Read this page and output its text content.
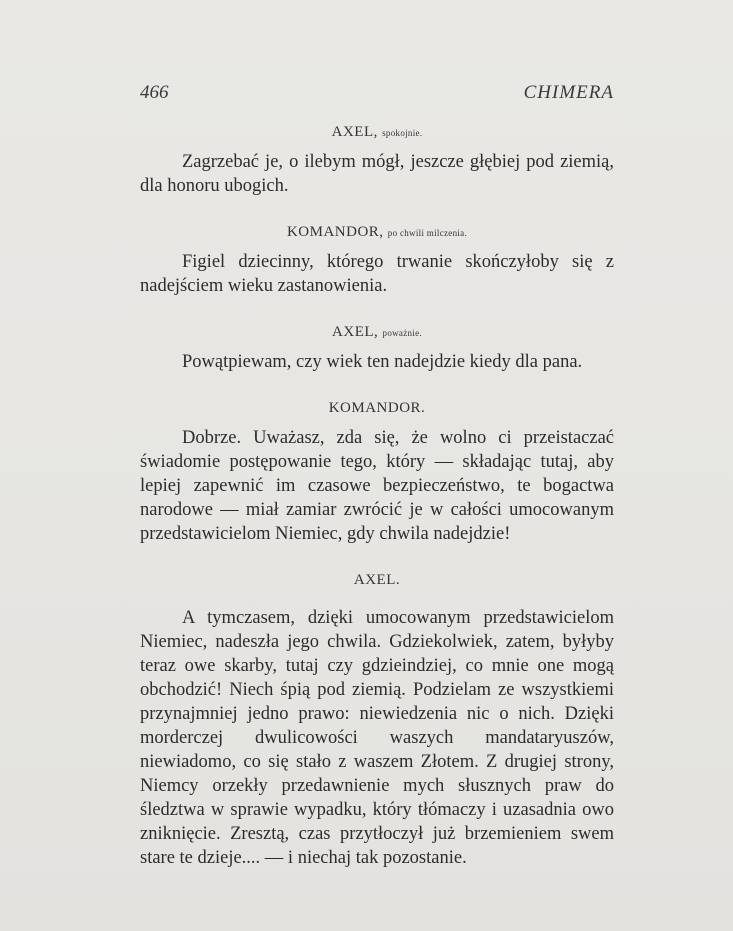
466	CHIMERA
AXEL, spokojnie.

Zagrzebać je, o ilebym mógł, jeszcze głębiej pod ziemią, dla honoru ubogich.

KOMANDOR, po chwili milczenia.

Figiel dziecinny, którego trwanie skończyłoby się z nadejściem wieku zastanowienia.

AXEL, poważnie.

Powątpiewam, czy wiek ten nadejdzie kiedy dla pana.

KOMANDOR.

Dobrze. Uważasz, zda się, że wolno ci przeistaczać świadomie postępowanie tego, który — składając tutaj, aby lepiej zapewnić im czasowe bezpieczeństwo, te bogactwa narodowe — miał zamiar zwrócić je w całości umocowanym przedstawicielom Niemiec, gdy chwila nadejdzie!

AXEL.

A tymczasem, dzięki umocowanym przedstawicielom Niemiec, nadeszła jego chwila. Gdziekolwiek, zatem, byłyby teraz owe skarby, tutaj czy gdzieindziej, co mnie one mogą obchodzić! Niech śpią pod ziemią. Podzielam ze wszystkiemi przynajmniej jedno prawo: niewiedzenia nic o nich. Dzięki morderczej dwulicowości waszych mandataryuszów, niewiadomo, co się stało z waszem Złotem. Z drugiej strony, Niemcy orzekły przedawnienie mych słusznych praw do śledztwa w sprawie wypadku, który tłómaczy i uzasadnia owo zniknięcie. Zresztą, czas przytłoczył już brzemieniem swem stare te dzieje.... — i niechaj tak pozostanie.
